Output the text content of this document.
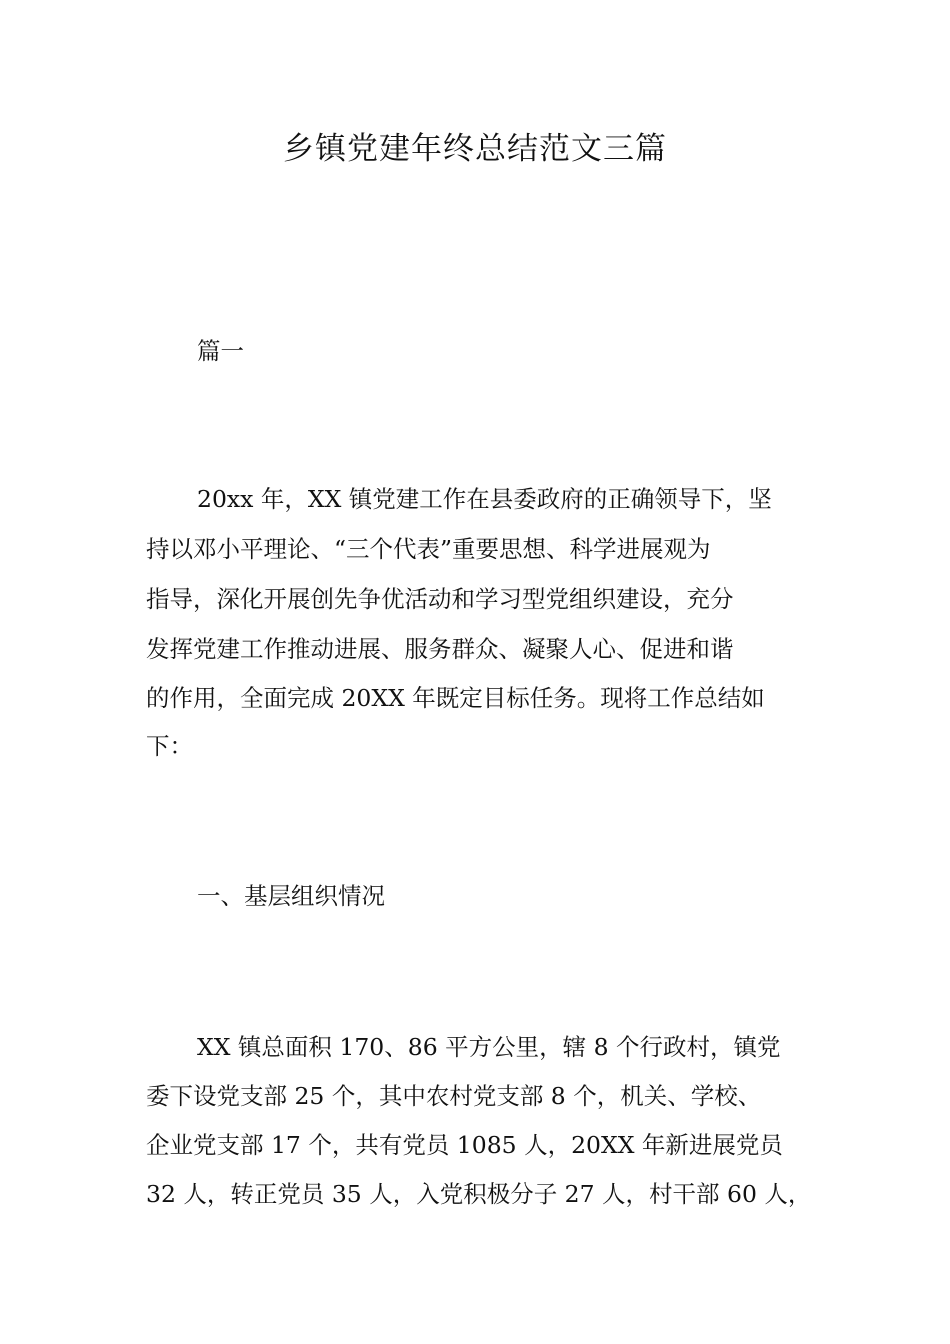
乡镇党建年终总结范文三篇

篇一

20xx 年，XX 镇党建工作在县委政府的正确领导下，坚

持以邓小平理论、“三个代表”重要思想、科学进展观为

指导，深化开展创先争优活动和学习型党组织建设，充分

发挥党建工作推动进展、服务群众、凝聚人心、促进和谐

的作用，全面完成 20XX 年既定目标任务。现将工作总结如

下：

一、基层组织情况

XX 镇总面积 170、86 平方公里，辖 8 个行政村，镇党

委下设党支部 25 个，其中农村党支部 8 个，机关、学校、

企业党支部 17 个，共有党员 1085 人，20XX 年新进展党员

32 人，转正党员 35 人，入党积极分子 27 人，村干部 60 人，
